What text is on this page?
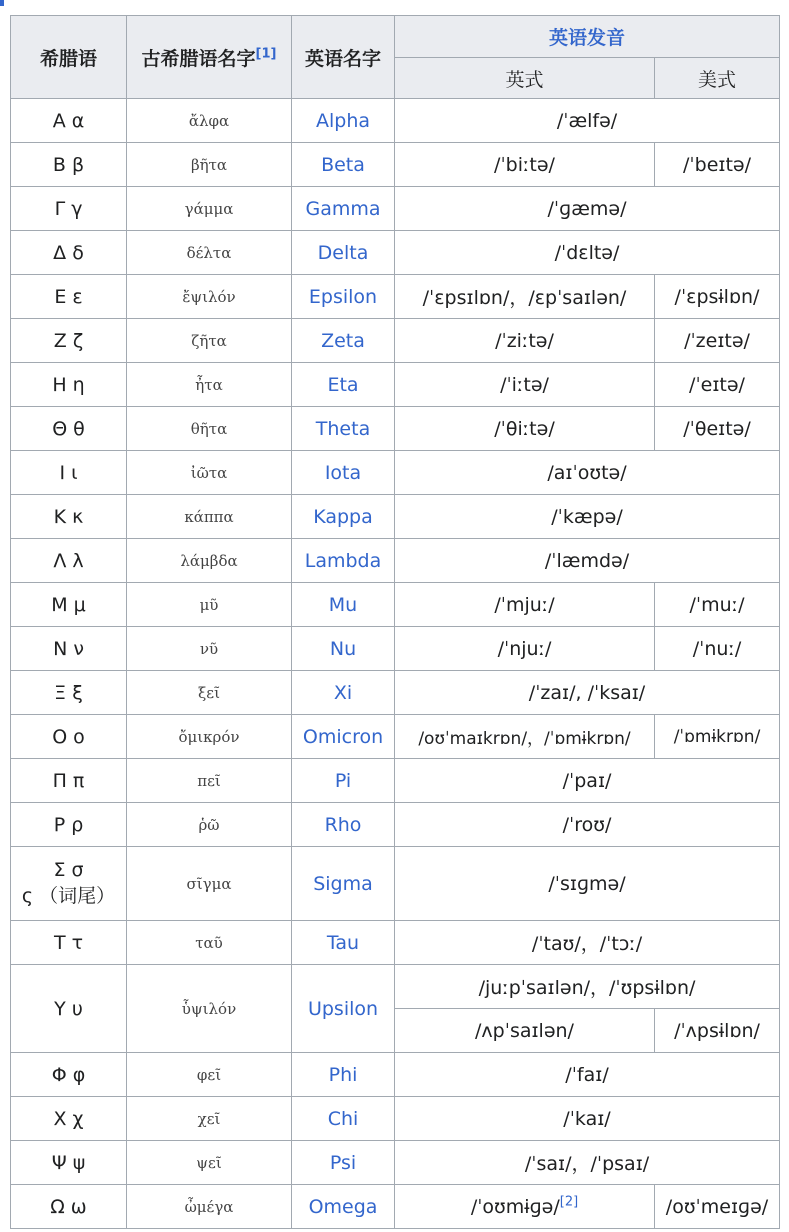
希腊语	古希腊语名字[1]	英语名字	英语发音	
			英式	美式
Α α	ἄλφα	Alpha	/ˈælfə/	
Β β	βῆτα	Beta	/ˈbiːtə/	/ˈbeɪtə/
Γ γ	γάμμα	Gamma	/ˈɡæmə/	
Δ δ	δέλτα	Delta	/ˈdɛltə/	
Ε ε	ἔψιλόν	Epsilon	/ˈɛpsɪlɒn/，/ɛpˈsaɪlən/	/ˈɛpsɨlɒn/
Ζ ζ	ζῆτα	Zeta	/ˈziːtə/	/ˈzeɪtə/
Η η	ἦτα	Eta	/ˈiːtə/	/ˈeɪtə/
Θ θ	θῆτα	Theta	/ˈθiːtə/	/ˈθeɪtə/
Ι ι	ἰῶτα	Iota	/aɪˈoʊtə/	
Κ κ	κάππα	Kappa	/ˈkæpə/	
Λ λ	λάμβδα	Lambda	/ˈlæmdə/	
Μ μ	μῦ	Mu	/ˈmjuː/	/ˈmuː/
Ν ν	νῦ	Nu	/ˈnjuː/	/ˈnuː/
Ξ ξ	ξεῖ	Xi	/ˈzaɪ/, /ˈksaɪ/	
Ο ο	ὄμικρόν	Omicron	/oʊˈmaɪkrɒn/，/ˈɒmɨkrɒn/	/ˈɒmɨkrɒn/
Π π	πεῖ	Pi	/ˈpaɪ/	
Ρ ρ	ῥῶ	Rho	/ˈroʊ/	
Σ σ
ς （词尾）	σῖγμα	Sigma	/ˈsɪɡmə/	
Τ τ	ταῦ	Tau	/ˈtaʊ/，/ˈtɔː/	
Υ υ	ὗψιλόν	Upsilon	/juːpˈsaɪlən/，/ˈʊpsɨlɒn/	
			/ʌpˈsaɪlən/	/ˈʌpsɨlɒn/
Φ φ	φεῖ	Phi	/ˈfaɪ/	
Χ χ	χεῖ	Chi	/ˈkaɪ/	
Ψ ψ	ψεῖ	Psi	/ˈsaɪ/，/ˈpsaɪ/	
Ω ω	ὦμέγα	Omega	/ˈoʊmɨɡə/[2]	/oʊˈmeɪɡə/
